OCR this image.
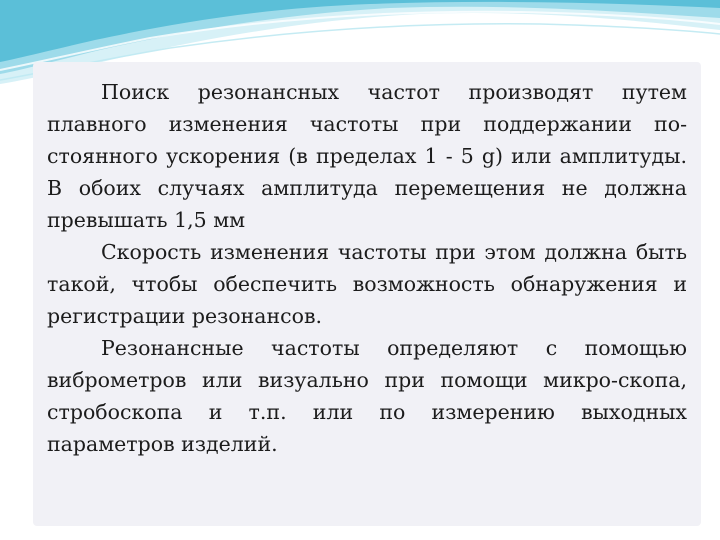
Поиск резонансных частот производят путем плавного изменения частоты при поддержании по-стоянного ускорения (в пределах 1 - 5 g) или амплитуды. В обоих случаях амплитуда перемещения не должна превышать 1,5 мм

Скорость изменения частоты при этом должна быть такой, чтобы обеспечить возможность обнаружения и регистрации резонансов.

Резонансные частоты определяют с помощью виброметров или визуально при помощи микро-скопа, стробоскопа и т.п. или по измерению выходных параметров изделий.
